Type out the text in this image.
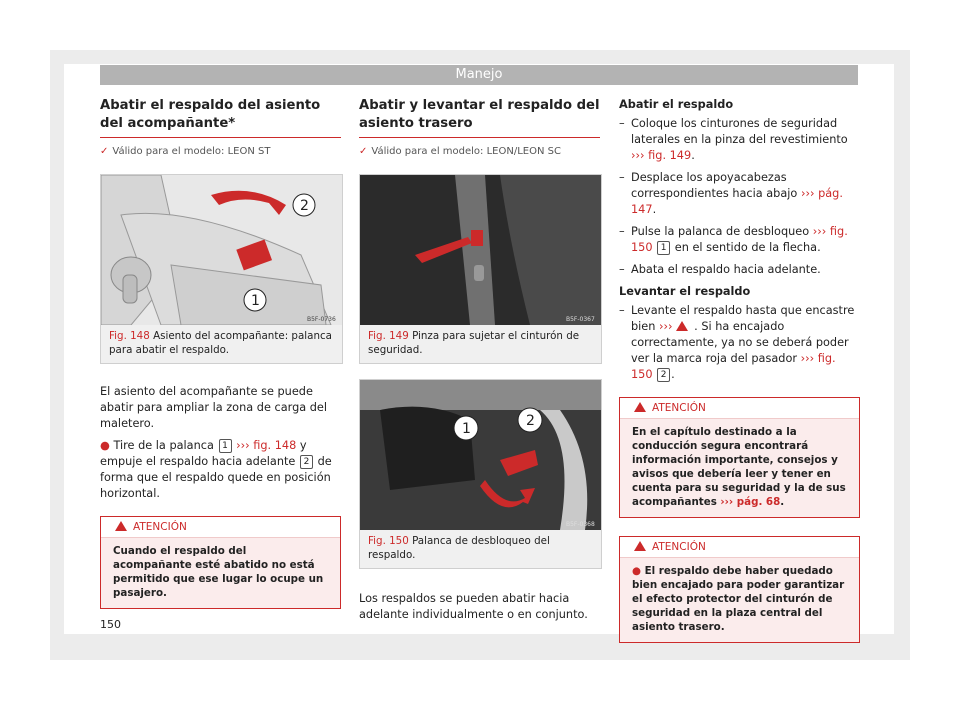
Manejo
Abatir el respaldo del asiento del acompañante*
✓ Válido para el modelo: LEON ST
2
1
B5F-0736
Fig. 148 Asiento del acompañante: palanca para abatir el respaldo.

El asiento del acompañante se puede abatir para ampliar la zona de carga del maletero.

● Tire de la palanca 1 ››› fig. 148 y empuje el respaldo hacia adelante 2 de forma que el respaldo quede en posición horizontal.

ATENCIÓN
Cuando el respaldo del acompañante esté abatido no está permitido que ese lugar lo ocupe un pasajero.
Abatir y levantar el respaldo del asiento trasero
✓ Válido para el modelo: LEON/LEON SC
B5F-0367
Fig. 149 Pinza para sujetar el cinturón de seguridad.
1	2
B5F-0368
Fig. 150 Palanca de desbloqueo del respaldo.

Los respaldos se pueden abatir hacia adelante individualmente o en conjunto.

Abatir el respaldo

– Coloque los cinturones de seguridad laterales en la pinza del revestimiento ››› fig. 149.
– Desplace los apoyacabezas correspondientes hacia abajo ››› pág. 147.
– Pulse la palanca de desbloqueo ››› fig. 150 1 en el sentido de la flecha.
– Abata el respaldo hacia adelante.

Levantar el respaldo

– Levante el respaldo hasta que encastre bien ››› . Si ha encajado correctamente, ya no se deberá poder ver la marca roja del pasador ››› fig. 150 2 .
ATENCIÓN
En el capítulo destinado a la conducción segura encontrará información importante, consejos y avisos que debería leer y tener en cuenta para su seguridad y la de sus acompañantes ››› pág. 68.
ATENCIÓN
● El respaldo debe haber quedado bien encajado para poder garantizar el efecto protector del cinturón de seguridad en la plaza central del asiento trasero.
150
